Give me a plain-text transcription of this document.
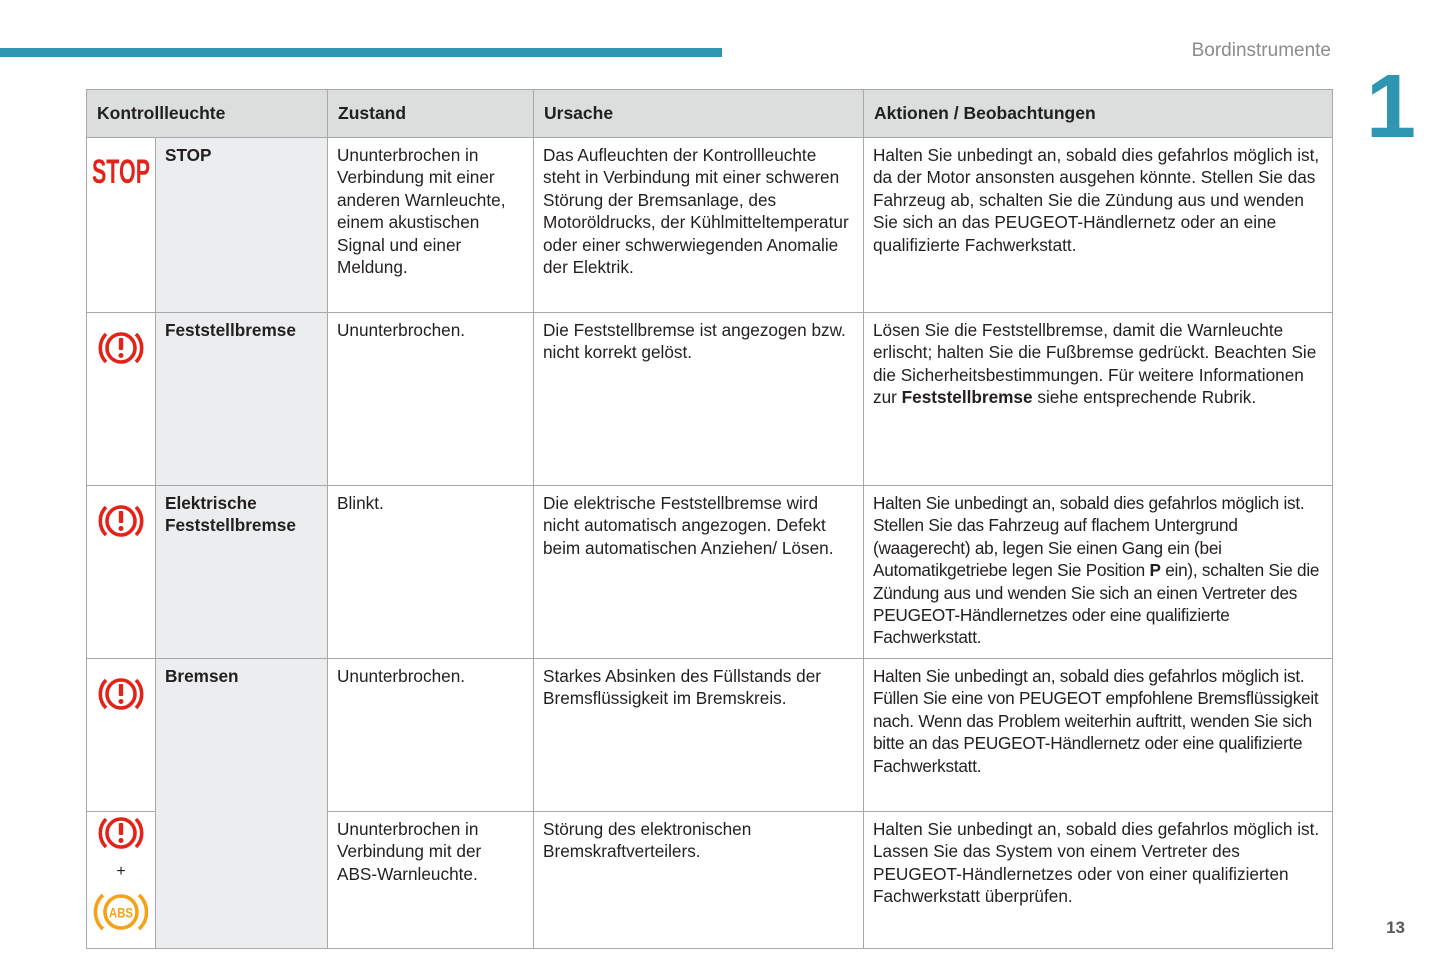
Bordinstrumente
1
Kontrollleuchte		Zustand	Ursache	Aktionen / Beobachtungen

STOP	STOP	Ununterbrochen in Verbindung mit einer anderen Warnleuchte, einem akustischen Signal und einer Meldung.	Das Aufleuchten der Kontrollleuchte steht in Verbindung mit einer schweren Störung der Bremsanlage, des Motoröldrucks, der Kühlmitteltemperatur oder einer schwerwiegenden Anomalie der Elektrik.	Halten Sie unbedingt an, sobald dies gefahrlos möglich ist, da der Motor ansonsten ausgehen könnte. Stellen Sie das Fahrzeug ab, schalten Sie die Zündung aus und wenden Sie sich an das PEUGEOT-Händlernetz oder an eine qualifizierte Fachwerkstatt.
	Feststellbremse	Ununterbrochen.	Die Feststellbremse ist angezogen bzw. nicht korrekt gelöst.	Lösen Sie die Feststellbremse, damit die Warnleuchte erlischt; halten Sie die Fußbremse gedrückt. Beachten Sie die Sicherheitsbestimmungen. Für weitere Informationen zur Feststellbremse siehe entsprechende Rubrik.
	Elektrische Feststellbremse	Blinkt.	Die elektrische Feststellbremse wird nicht automatisch angezogen. Defekt beim automatischen Anziehen/ Lösen.	Halten Sie unbedingt an, sobald dies gefahrlos möglich ist. Stellen Sie das Fahrzeug auf flachem Untergrund (waagerecht) ab, legen Sie einen Gang ein (bei Automatikgetriebe legen Sie Position P ein), schalten Sie die Zündung aus und wenden Sie sich an einen Vertreter des PEUGEOT-Händlernetzes oder eine qualifizierte Fachwerkstatt.
	Bremsen	Ununterbrochen.	Starkes Absinken des Füllstands der Bremsflüssigkeit im Bremskreis.	Halten Sie unbedingt an, sobald dies gefahrlos möglich ist. Füllen Sie eine von PEUGEOT empfohlene Bremsflüssigkeit nach. Wenn das Problem weiterhin auftritt, wenden Sie sich bitte an das PEUGEOT-Händlernetz oder eine qualifizierte Fachwerkstatt.

+
ABS		Ununterbrochen in Verbindung mit der ABS-Warnleuchte.	Störung des elektronischen Bremskraftverteilers.	Halten Sie unbedingt an, sobald dies gefahrlos möglich ist. Lassen Sie das System von einem Vertreter des PEUGEOT-Händlernetzes oder von einer qualifizierten Fachwerkstatt überprüfen.
13
